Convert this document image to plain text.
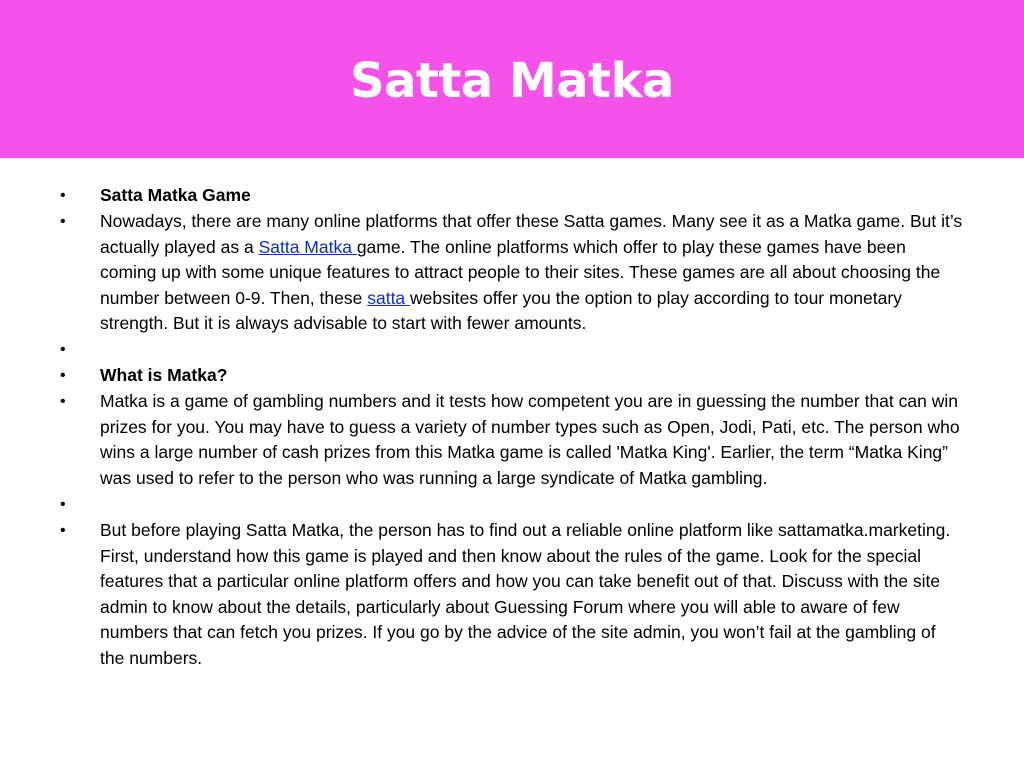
Satta Matka
• Satta Matka Game
• Nowadays, there are many online platforms that offer these Satta games. Many see it as a Matka game. But it’s actually played as a Satta Matka game. The online platforms which offer to play these games have been coming up with some unique features to attract people to their sites. These games are all about choosing the number between 0-9. Then, these satta websites offer you the option to play according to tour monetary strength. But it is always advisable to start with fewer amounts.
•
• What is Matka?
• Matka is a game of gambling numbers and it tests how competent you are in guessing the number that can win prizes for you. You may have to guess a variety of number types such as Open, Jodi, Pati, etc. The person who wins a large number of cash prizes from this Matka game is called 'Matka King'. Earlier, the term “Matka King” was used to refer to the person who was running a large syndicate of Matka gambling.
•
• But before playing Satta Matka, the person has to find out a reliable online platform like sattamatka.marketing. First, understand how this game is played and then know about the rules of the game. Look for the special features that a particular online platform offers and how you can take benefit out of that. Discuss with the site admin to know about the details, particularly about Guessing Forum where you will able to aware of few numbers that can fetch you prizes. If you go by the advice of the site admin, you won’t fail at the gambling of the numbers.
